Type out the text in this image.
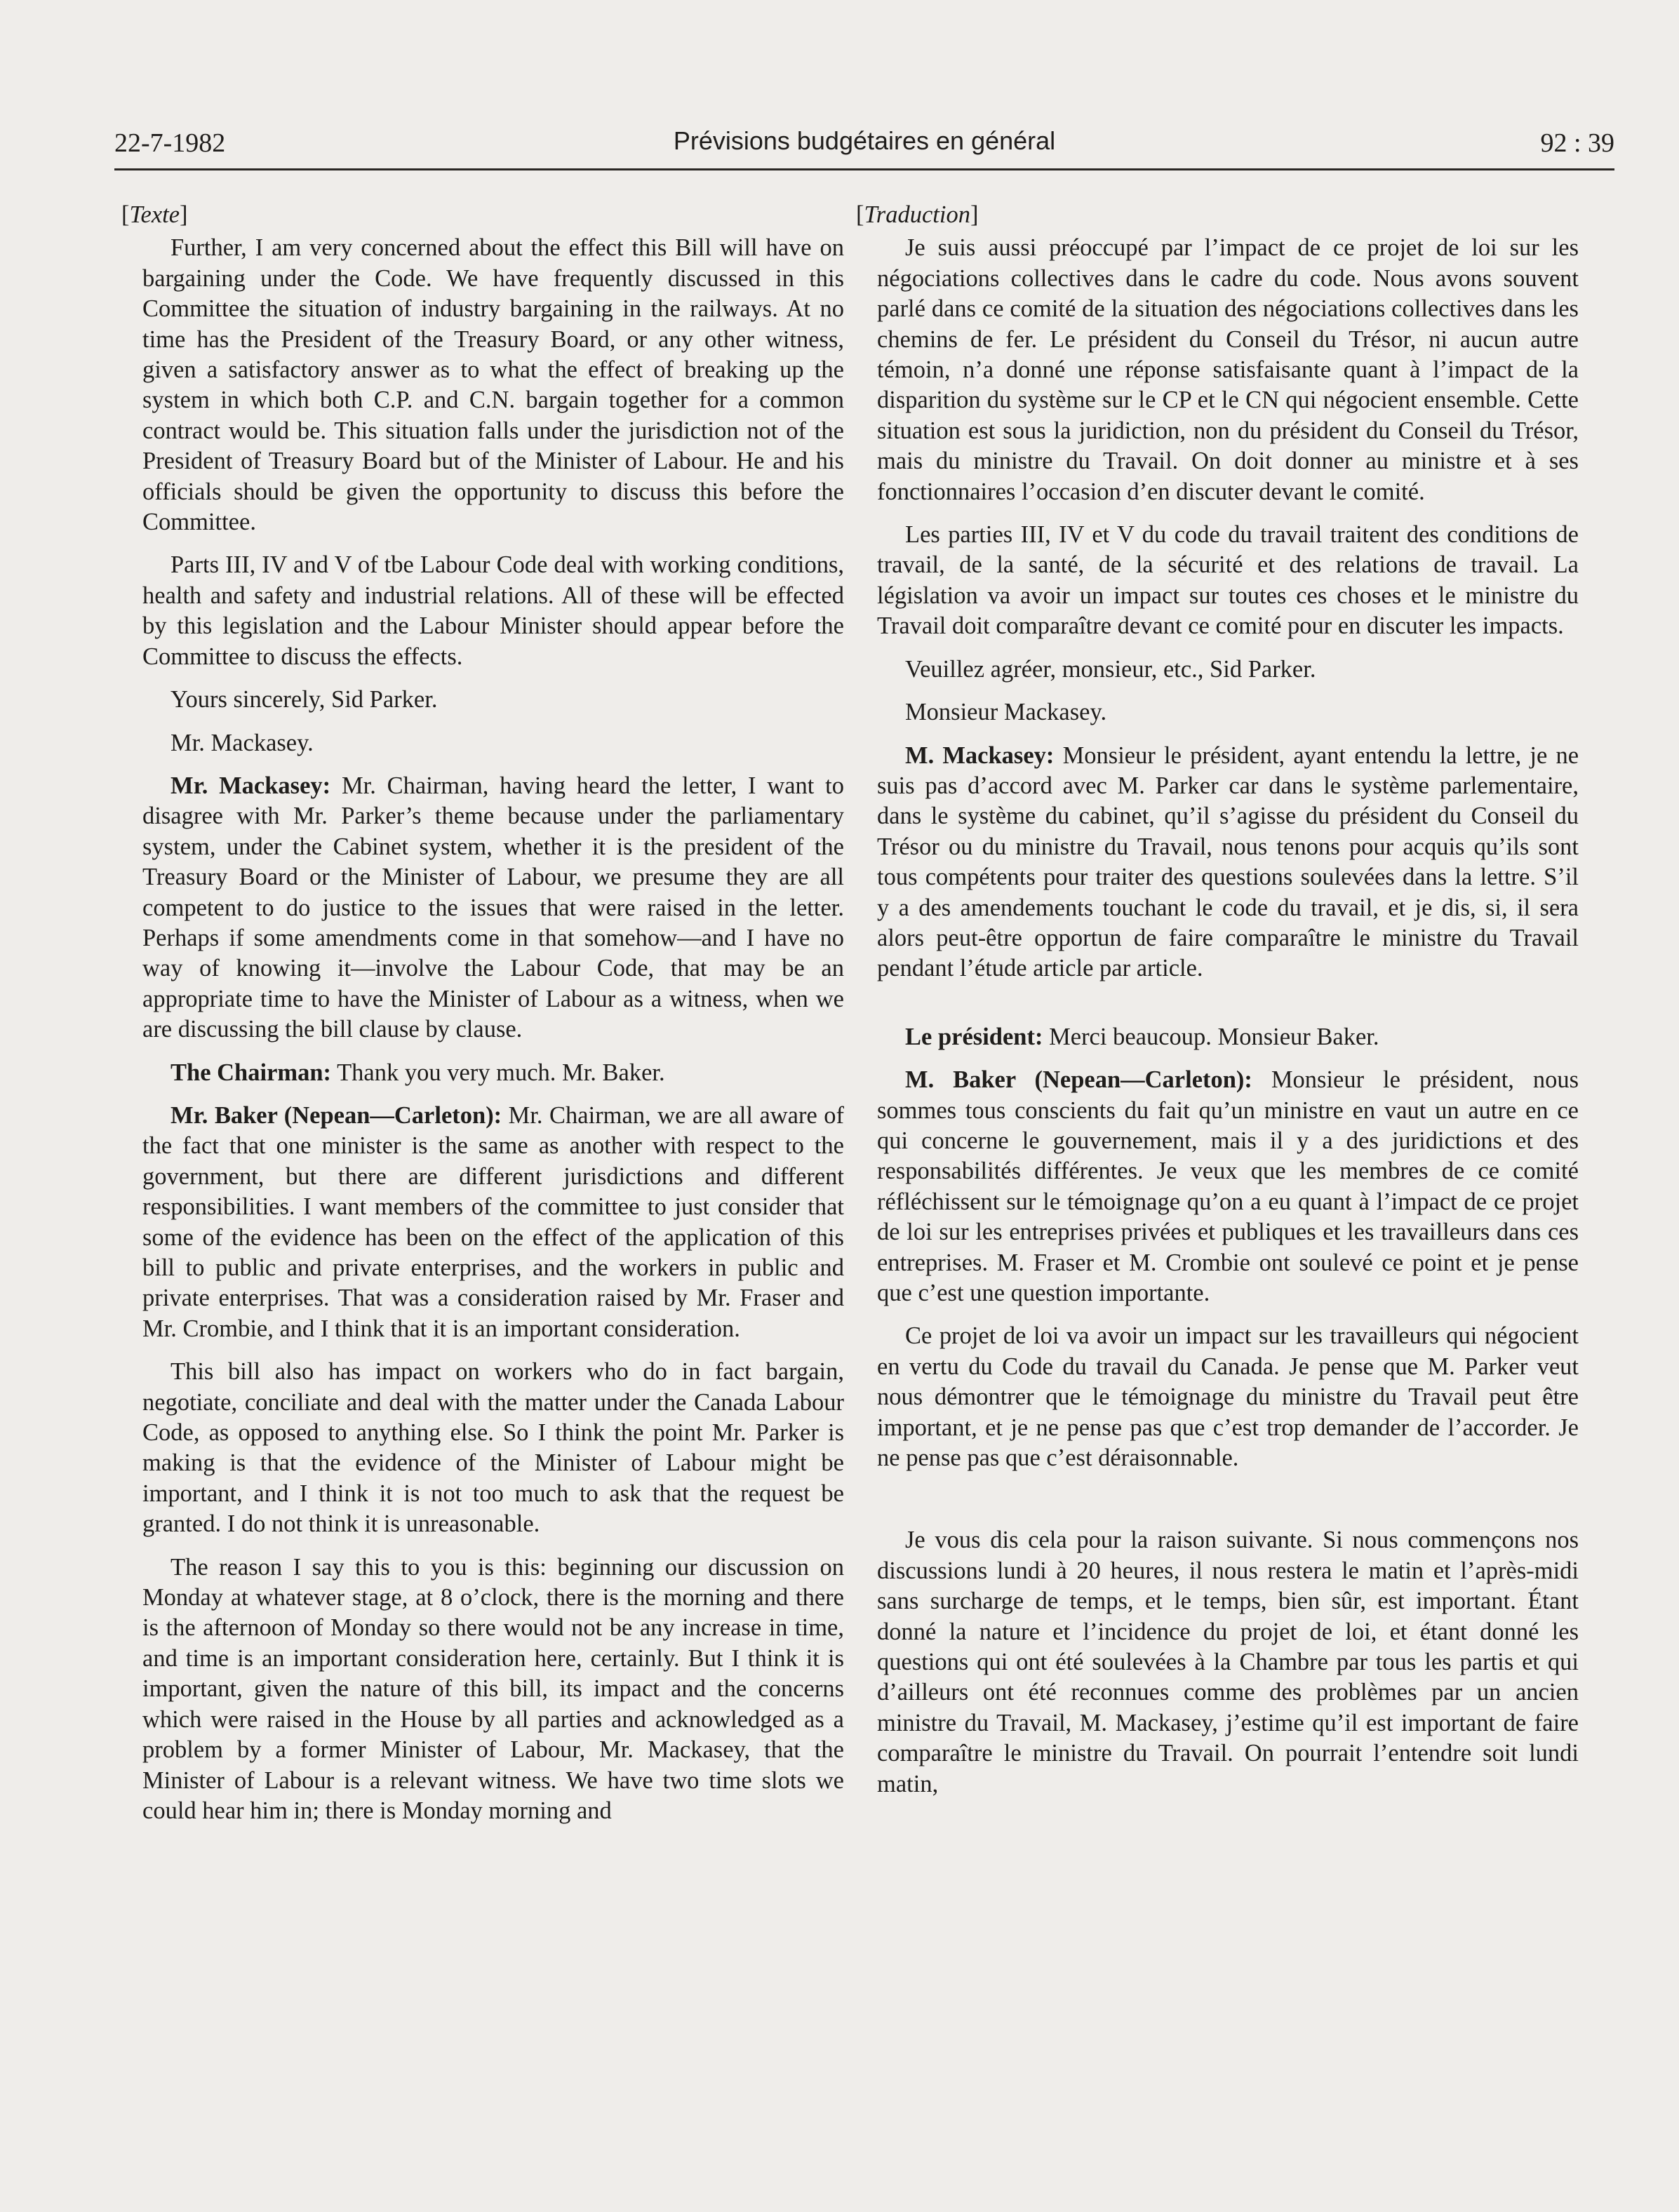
22-7-1982	Prévisions budgétaires en général	92 : 39
[Texte]

Further, I am very concerned about the effect this Bill will have on bargaining under the Code. We have frequently discussed in this Committee the situation of industry bargaining in the railways. At no time has the President of the Treasury Board, or any other witness, given a satisfactory answer as to what the effect of breaking up the system in which both C.P. and C.N. bargain together for a common contract would be. This situation falls under the jurisdiction not of the President of Treasury Board but of the Minister of Labour. He and his officials should be given the opportunity to discuss this before the Committee.

Parts III, IV and V of tbe Labour Code deal with working conditions, health and safety and industrial relations. All of these will be effected by this legislation and the Labour Minister should appear before the Committee to discuss the effects.

Yours sincerely, Sid Parker.

Mr. Mackasey.

Mr. Mackasey: Mr. Chairman, having heard the letter, I want to disagree with Mr. Parker’s theme because under the parliamentary system, under the Cabinet system, whether it is the president of the Treasury Board or the Minister of Labour, we presume they are all competent to do justice to the issues that were raised in the letter. Perhaps if some amendments come in that somehow—and I have no way of knowing it—involve the Labour Code, that may be an appropriate time to have the Minister of Labour as a witness, when we are discussing the bill clause by clause.

The Chairman: Thank you very much. Mr. Baker.

Mr. Baker (Nepean—Carleton): Mr. Chairman, we are all aware of the fact that one minister is the same as another with respect to the government, but there are different jurisdictions and different responsibilities. I want members of the committee to just consider that some of the evidence has been on the effect of the application of this bill to public and private enterprises, and the workers in public and private enterprises. That was a consideration raised by Mr. Fraser and Mr. Crombie, and I think that it is an important consideration.

This bill also has impact on workers who do in fact bargain, negotiate, conciliate and deal with the matter under the Canada Labour Code, as opposed to anything else. So I think the point Mr. Parker is making is that the evidence of the Minister of Labour might be important, and I think it is not too much to ask that the request be granted. I do not think it is unreasonable.

The reason I say this to you is this: beginning our discussion on Monday at whatever stage, at 8 o’clock, there is the morning and there is the afternoon of Monday so there would not be any increase in time, and time is an important consideration here, certainly. But I think it is important, given the nature of this bill, its impact and the concerns which were raised in the House by all parties and acknowledged as a problem by a former Minister of Labour, Mr. Mackasey, that the Minister of Labour is a relevant witness. We have two time slots we could hear him in; there is Monday morning and

[Traduction]

Je suis aussi préoccupé par l’impact de ce projet de loi sur les négociations collectives dans le cadre du code. Nous avons souvent parlé dans ce comité de la situation des négociations collectives dans les chemins de fer. Le président du Conseil du Trésor, ni aucun autre témoin, n’a donné une réponse satisfaisante quant à l’impact de la disparition du système sur le CP et le CN qui négocient ensemble. Cette situation est sous la juridiction, non du président du Conseil du Trésor, mais du ministre du Travail. On doit donner au ministre et à ses fonctionnaires l’occasion d’en discuter devant le comité.

Les parties III, IV et V du code du travail traitent des conditions de travail, de la santé, de la sécurité et des relations de travail. La législation va avoir un impact sur toutes ces choses et le ministre du Travail doit comparaître devant ce comité pour en discuter les impacts.

Veuillez agréer, monsieur, etc., Sid Parker.

Monsieur Mackasey.

M. Mackasey: Monsieur le président, ayant entendu la lettre, je ne suis pas d’accord avec M. Parker car dans le système parlementaire, dans le système du cabinet, qu’il s’agisse du président du Conseil du Trésor ou du ministre du Travail, nous tenons pour acquis qu’ils sont tous compétents pour traiter des questions soulevées dans la lettre. S’il y a des amendements touchant le code du travail, et je dis, si, il sera alors peut-être opportun de faire comparaître le ministre du Travail pendant l’étude article par article.

Le président: Merci beaucoup. Monsieur Baker.

M. Baker (Nepean—Carleton): Monsieur le président, nous sommes tous conscients du fait qu’un ministre en vaut un autre en ce qui concerne le gouvernement, mais il y a des juridictions et des responsabilités différentes. Je veux que les membres de ce comité réfléchissent sur le témoignage qu’on a eu quant à l’impact de ce projet de loi sur les entreprises privées et publiques et les travailleurs dans ces entreprises. M. Fraser et M. Crombie ont soulevé ce point et je pense que c’est une question importante.

Ce projet de loi va avoir un impact sur les travailleurs qui négocient en vertu du Code du travail du Canada. Je pense que M. Parker veut nous démontrer que le témoignage du ministre du Travail peut être important, et je ne pense pas que c’est trop demander de l’accorder. Je ne pense pas que c’est déraisonnable.

Je vous dis cela pour la raison suivante. Si nous commençons nos discussions lundi à 20 heures, il nous restera le matin et l’après-midi sans surcharge de temps, et le temps, bien sûr, est important. Étant donné la nature et l’incidence du projet de loi, et étant donné les questions qui ont été soulevées à la Chambre par tous les partis et qui d’ailleurs ont été reconnues comme des problèmes par un ancien ministre du Travail, M. Mackasey, j’estime qu’il est important de faire comparaître le ministre du Travail. On pourrait l’entendre soit lundi matin,
